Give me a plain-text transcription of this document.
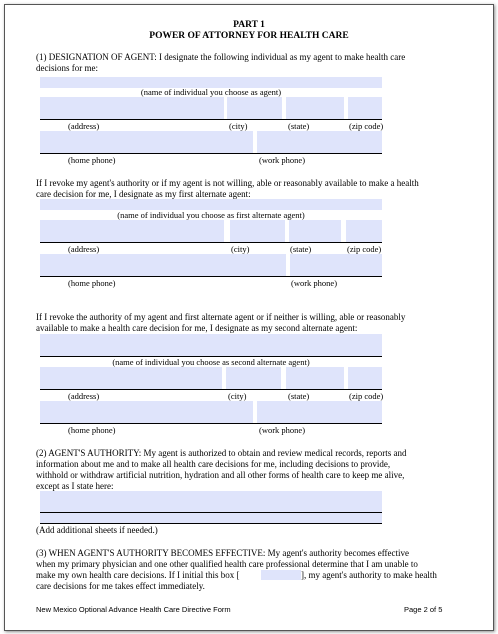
PART 1
POWER OF ATTORNEY FOR HEALTH CARE
(1) DESIGNATION OF AGENT: I designate the following individual as my agent to make health care
decisions for me:
(name of individual you choose as agent)
(address)	(city)	(state)	(zip code)
(home phone)	(work phone)
If I revoke my agent's authority or if my agent is not willing, able or reasonably available to make a health
care decision for me, I designate as my first alternate agent:
(name of individual you choose as first alternate agent)
(address)	(city)	(state)	(zip code)
(home phone)	(work phone)
If I revoke the authority of my agent and first alternate agent or if neither is willing, able or reasonably
available to make a health care decision for me, I designate as my second alternate agent:
(name of individual you choose as second alternate agent)
(address)	(city)	(state)	(zip code)
(home phone)	(work phone)
(2) AGENT'S AUTHORITY: My agent is authorized to obtain and review medical records, reports and
information about me and to make all health care decisions for me, including decisions to provide,
withhold or withdraw artificial nutrition, hydration and all other forms of health care to keep me alive,
except as I state here:
(Add additional sheets if needed.)
(3) WHEN AGENT'S AUTHORITY BECOMES EFFECTIVE: My agent's authority becomes effective
when my primary physician and one other qualified health care professional determine that I am unable to
make my own health care decisions. If I initial this box [	], my agent's authority to make health
care decisions for me takes effect immediately.
New Mexico Optional Advance Health Care Directive Form	Page 2 of 5
